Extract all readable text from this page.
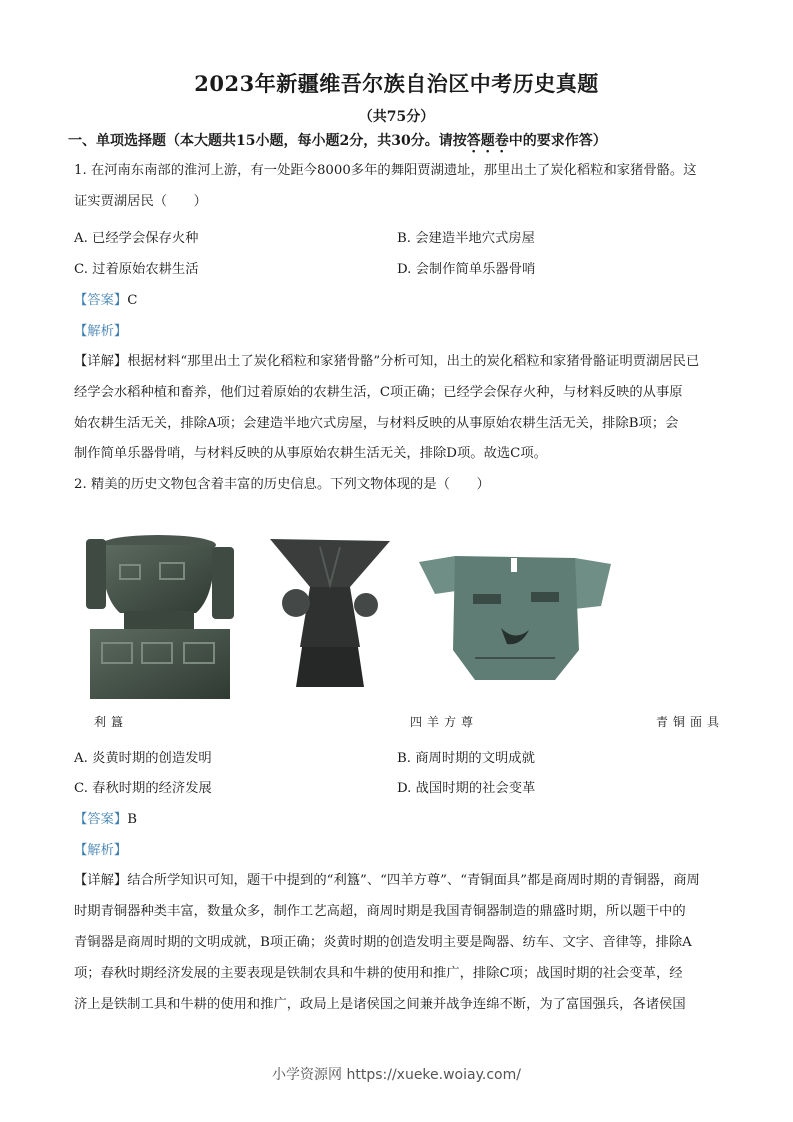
2023年新疆维吾尔族自治区中考历史真题
（共75分）
一、单项选择题（本大题共15小题，每小题2分，共30分。请按答题卷中的要求作答）
1. 在河南东南部的淮河上游，有一处距今8000多年的舞阳贾湖遗址，那里出土了炭化稻粒和家猪骨骼。这
证实贾湖居民（　　）
A. 已经学会保存火种	B. 会建造半地穴式房屋
C. 过着原始农耕生活	D. 会制作简单乐器骨哨
【答案】C
【解析】
【详解】根据材料“那里出土了炭化稻粒和家猪骨骼”分析可知，出土的炭化稻粒和家猪骨骼证明贾湖居民已
经学会水稻种植和畜养，他们过着原始的农耕生活，C项正确；已经学会保存火种，与材料反映的从事原
始农耕生活无关，排除A项；会建造半地穴式房屋，与材料反映的从事原始农耕生活无关，排除B项；会
制作简单乐器骨哨，与材料反映的从事原始农耕生活无关，排除D项。故选C项。
2. 精美的历史文物包含着丰富的历史信息。下列文物体现的是（　　）
利簋	四羊方尊	青铜面具
A. 炎黄时期的创造发明	B. 商周时期的文明成就
C. 春秋时期的经济发展	D. 战国时期的社会变革
【答案】B
【解析】
【详解】结合所学知识可知，题干中提到的“利簋”、“四羊方尊”、“青铜面具”都是商周时期的青铜器，商周
时期青铜器种类丰富，数量众多，制作工艺高超，商周时期是我国青铜器制造的鼎盛时期，所以题干中的
青铜器是商周时期的文明成就，B项正确；炎黄时期的创造发明主要是陶器、纺车、文字、音律等，排除A
项；春秋时期经济发展的主要表现是铁制农具和牛耕的使用和推广，排除C项；战国时期的社会变革，经
济上是铁制工具和牛耕的使用和推广，政局上是诸侯国之间兼并战争连绵不断，为了富国强兵，各诸侯国
小学资源网 https://xueke.woiay.com/
